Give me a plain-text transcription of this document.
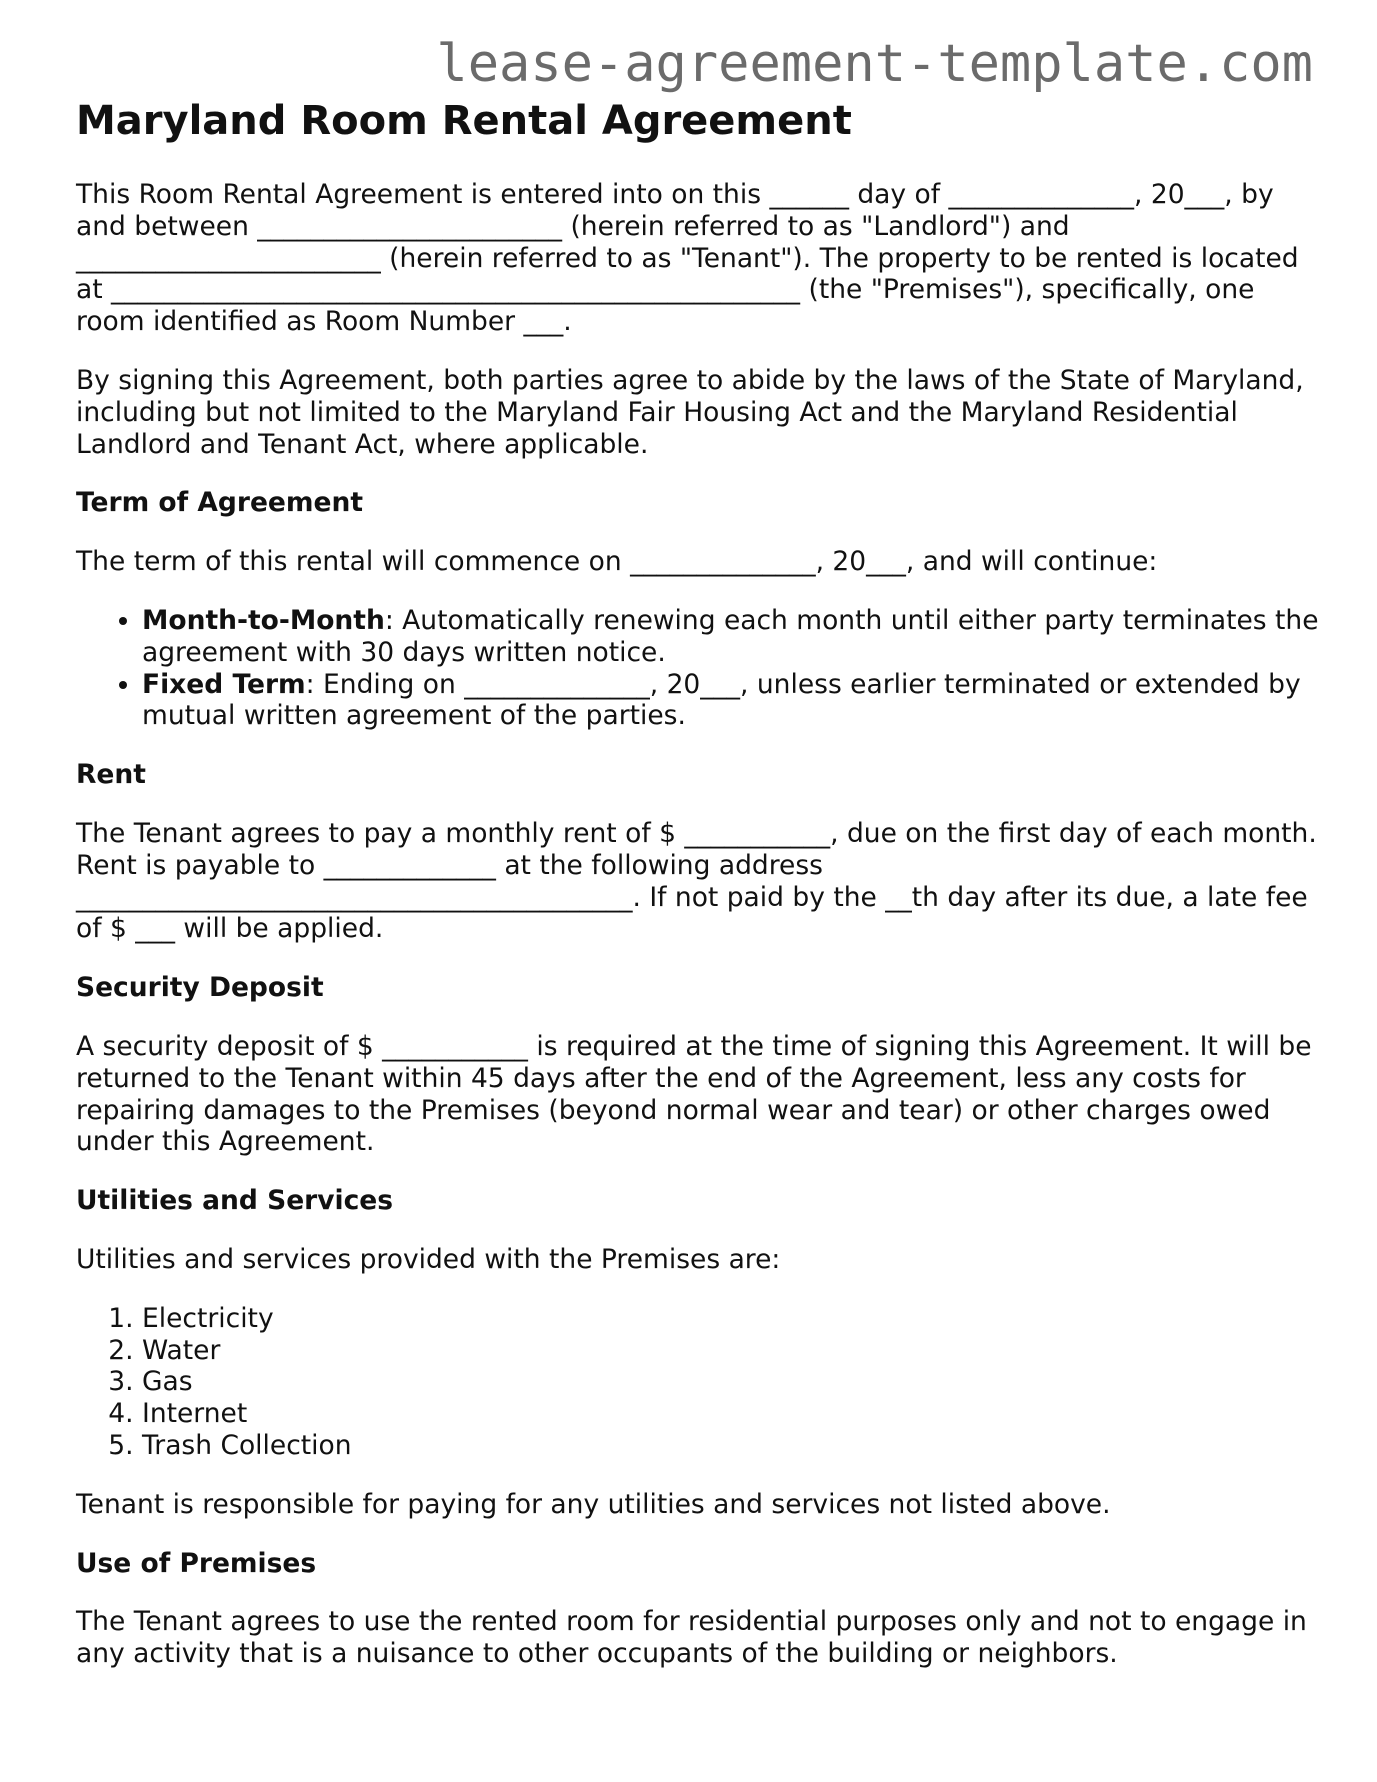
lease-agreement-template.com
Maryland Room Rental Agreement

This Room Rental Agreement is entered into on this ______ day of ______________, 20___, by and between _______________________ (herein referred to as "Landlord") and _______________________ (herein referred to as "Tenant"). The property to be rented is located at ____________________________________________________ (the "Premises"), specifically, one room identified as Room Number ___.

By signing this Agreement, both parties agree to abide by the laws of the State of Maryland, including but not limited to the Maryland Fair Housing Act and the Maryland Residential Landlord and Tenant Act, where applicable.

Term of Agreement

The term of this rental will commence on ______________, 20___, and will continue:

• Month-to-Month: Automatically renewing each month until either party terminates the agreement with 30 days written notice.
• Fixed Term: Ending on ______________, 20___, unless earlier terminated or extended by mutual written agreement of the parties.
Rent

The Tenant agrees to pay a monthly rent of $ ___________, due on the first day of each month. Rent is payable to _____________ at the following address __________________________________________. If not paid by the __th day after its due, a late fee of $ ___ will be applied.

Security Deposit

A security deposit of $ ___________ is required at the time of signing this Agreement. It will be returned to the Tenant within 45 days after the end of the Agreement, less any costs for repairing damages to the Premises (beyond normal wear and tear) or other charges owed under this Agreement.

Utilities and Services

Utilities and services provided with the Premises are:

1. Electricity
2. Water
3. Gas
4. Internet
5. Trash Collection

Tenant is responsible for paying for any utilities and services not listed above.

Use of Premises

The Tenant agrees to use the rented room for residential purposes only and not to engage in any activity that is a nuisance to other occupants of the building or neighbors.
